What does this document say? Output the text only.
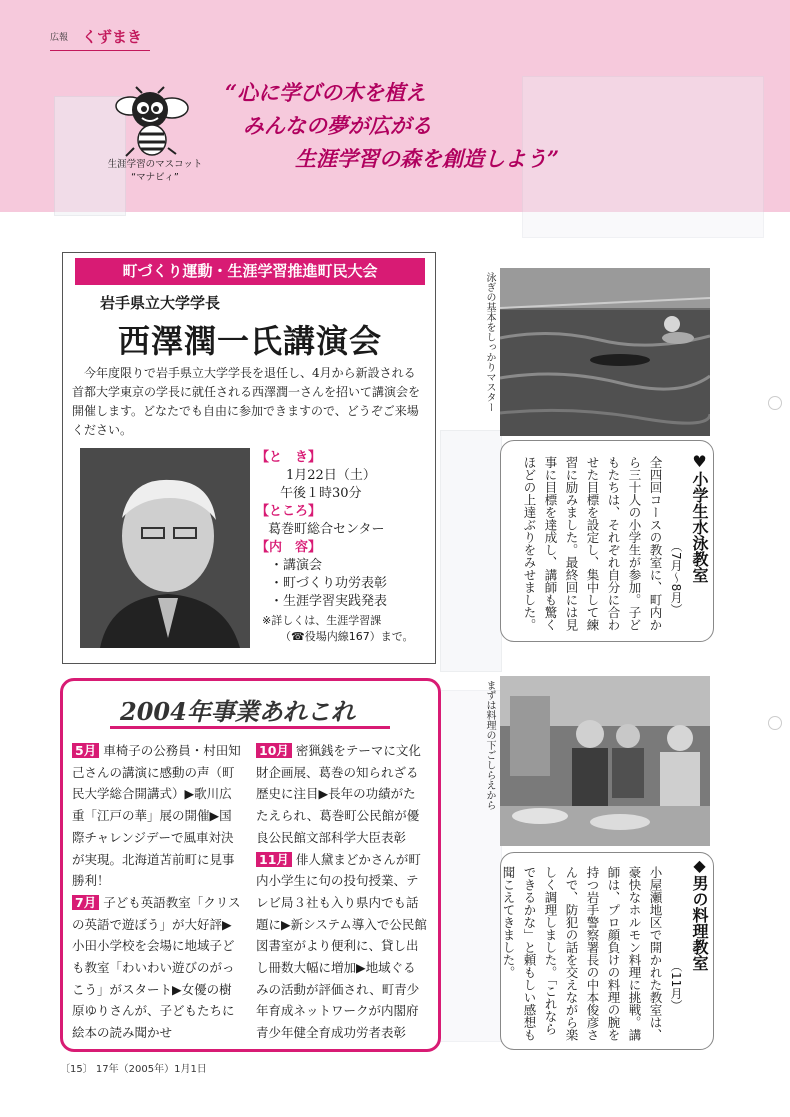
広報 くずまき
“心に学びの木を植え
みんなの夢が広がる
生涯学習の森を創造しよう”
生涯学習のマスコット
“マナビィ”
泳ぎの基本をしっかりマスター
全四回コースの教室に、町内から三十人の小学生が参加。子どもたちは、それぞれ自分に合わせた目標を設定し、集中して練習に励みました。最終回には見事に目標を達成し、講師も驚くほどの上達ぶりをみせました。	♥小学生水泳教室
（7月～8月）
町づくり運動・生涯学習推進町民大会
岩手県立大学学長
西澤潤一氏講演会
今年度限りで岩手県立大学学長を退任し、4月から新設される首都大学東京の学長に就任される西澤潤一さんを招いて講演会を開催します。どなたでも自由に参加できますので、どうぞご来場ください。
【と　き】
1月22日（土）
午後１時30分
【ところ】
葛巻町総合センター
【内　容】
・講演会
・町づくり功労表彰
・生涯学習実践発表
※詳しくは、生涯学習課
（☎役場内線167）まで。
2004年事業あれこれ
5月 車椅子の公務員・村田知己さんの講演に感動の声（町民大学総合開講式）▶歌川広重「江戸の華」展の開催▶国際チャレンジデーで風車対決が実現。北海道苫前町に見事勝利！
7月 子ども英語教室「クリスの英語で遊ぼう」が大好評▶小田小学校を会場に地域子ども教室「わいわい遊びのがっこう」がスタート▶女優の樹原ゆりさんが、子どもたちに絵本の読み聞かせ
10月 密猟銭をテーマに文化財企画展、葛巻の知られざる歴史に注目▶長年の功績がたたえられ、葛巻町公民館が優良公民館文部科学大臣表彰
11月 俳人黛まどかさんが町内小学生に句の投句授業、テレビ局３社も入り県内でも話題に▶新システム導入で公民館図書室がより便利に、貸し出し冊数大幅に増加▶地域ぐるみの活動が評価され、町青少年育成ネットワークが内閣府青少年健全育成功労者表彰
まずは料理の下ごしらえから
小屋瀬地区で開かれた教室は、豪快なホルモン料理に挑戦。講師は、プロ顔負けの料理の腕を持つ岩手警察署長の中本俊彦さんで、防犯の話を交えながら楽しく調理しました。「これならできるかな」と頼もしい感想も聞こえてきました。	◆男の料理教室
（11月）
〔15〕 17年（2005年）1月1日
